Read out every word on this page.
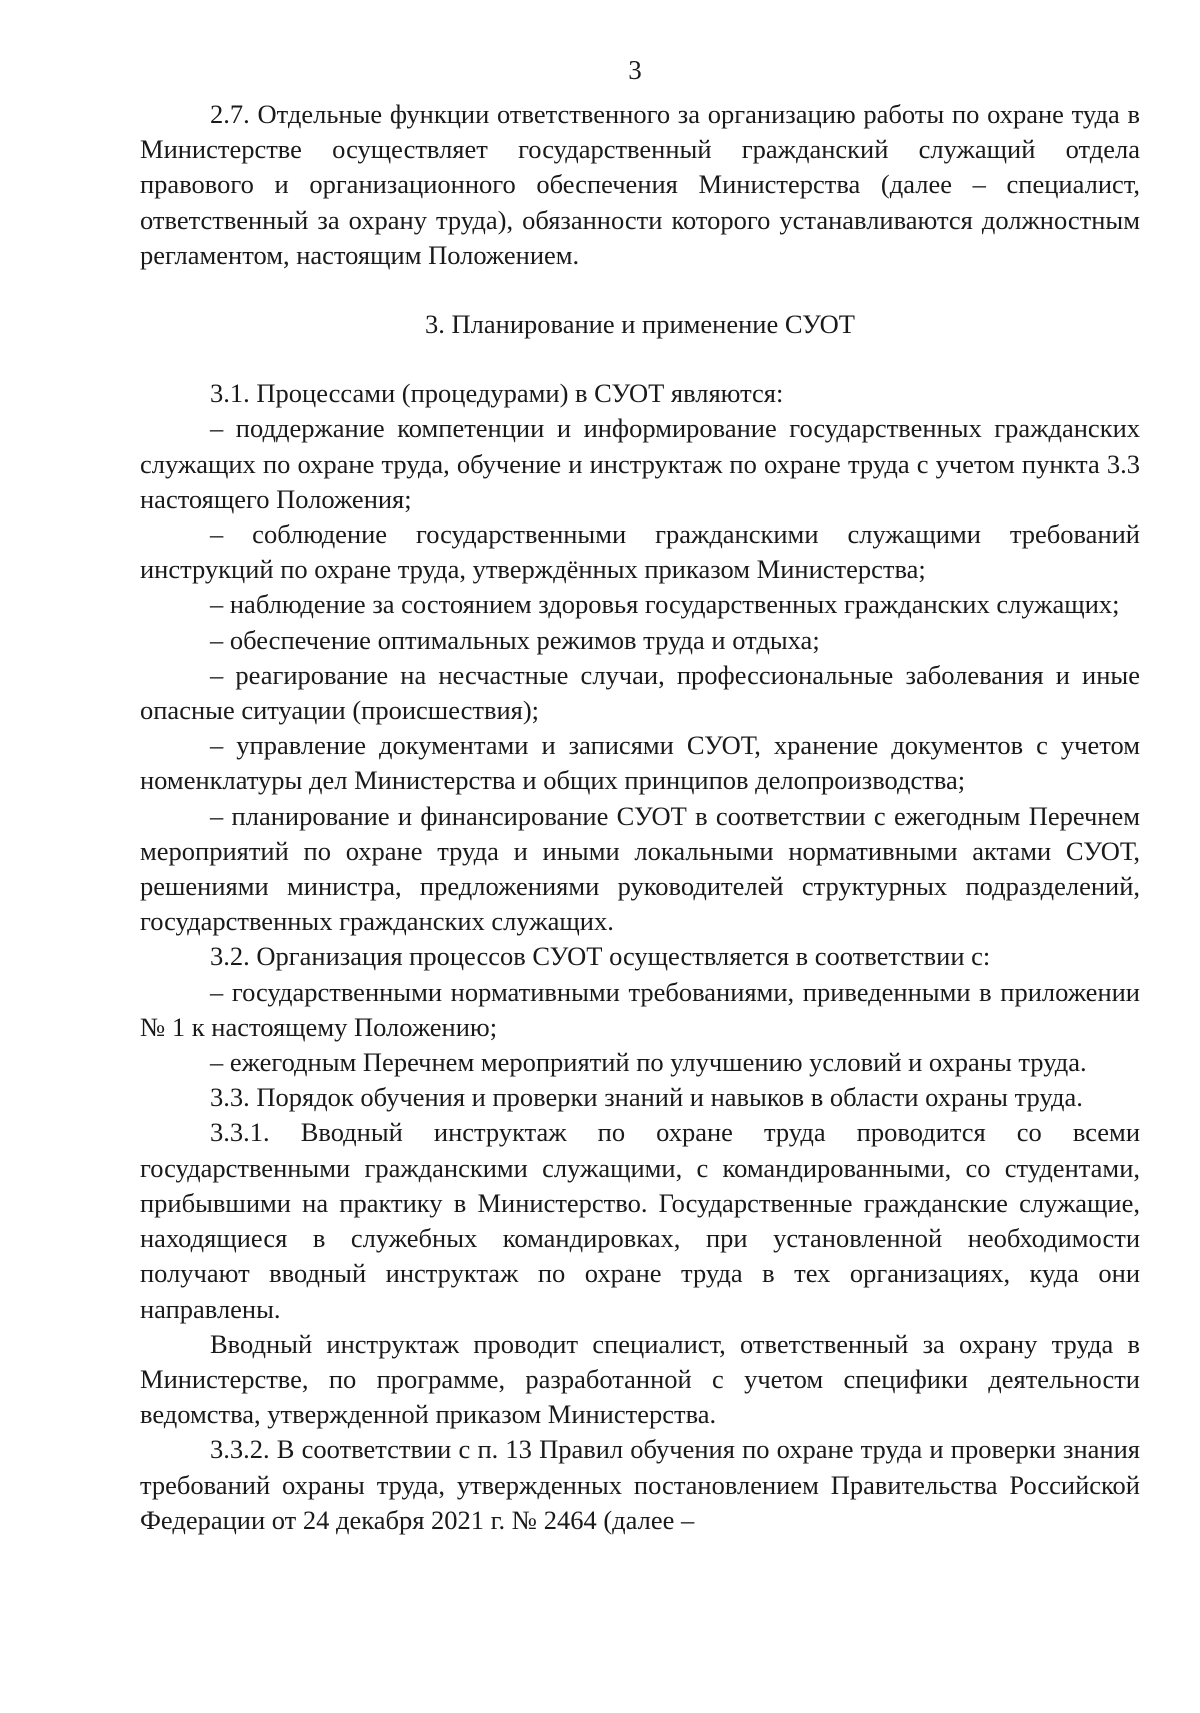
3

2.7. Отдельные функции ответственного за организацию работы по охране туда в Министерстве осуществляет государственный гражданский служащий отдела правового и организационного обеспечения Министерства (далее – специалист, ответственный за охрану труда), обязанности которого устанавливаются должностным регламентом, настоящим Положением.

3. Планирование и применение СУОТ

3.1. Процессами (процедурами) в СУОТ являются:

– поддержание компетенции и информирование государственных гражданских служащих по охране труда, обучение и инструктаж по охране труда с учетом пункта 3.3 настоящего Положения;

– соблюдение государственными гражданскими служащими требований инструкций по охране труда, утверждённых приказом Министерства;

– наблюдение за состоянием здоровья государственных гражданских служащих;

– обеспечение оптимальных режимов труда и отдыха;

– реагирование на несчастные случаи, профессиональные заболевания и иные опасные ситуации (происшествия);

– управление документами и записями СУОТ, хранение документов с учетом номенклатуры дел Министерства и общих принципов делопроизводства;

– планирование и финансирование СУОТ в соответствии с ежегодным Перечнем мероприятий по охране труда и иными локальными нормативными актами СУОТ, решениями министра, предложениями руководителей структурных подразделений, государственных гражданских служащих.

3.2. Организация процессов СУОТ осуществляется в соответствии с:

– государственными нормативными требованиями, приведенными в приложении № 1 к настоящему Положению;

– ежегодным Перечнем мероприятий по улучшению условий и охраны труда.

3.3. Порядок обучения и проверки знаний и навыков в области охраны труда.

3.3.1. Вводный инструктаж по охране труда проводится со всеми государственными гражданскими служащими, с командированными, со студентами, прибывшими на практику в Министерство. Государственные гражданские служащие, находящиеся в служебных командировках, при установленной необходимости получают вводный инструктаж по охране труда в тех организациях, куда они направлены.

Вводный инструктаж проводит специалист, ответственный за охрану труда в Министерстве, по программе, разработанной с учетом специфики деятельности ведомства, утвержденной приказом Министерства.

3.3.2. В соответствии с п. 13 Правил обучения по охране труда и проверки знания требований охраны труда, утвержденных постановлением Правительства Российской Федерации от 24 декабря 2021 г. № 2464 (далее –
